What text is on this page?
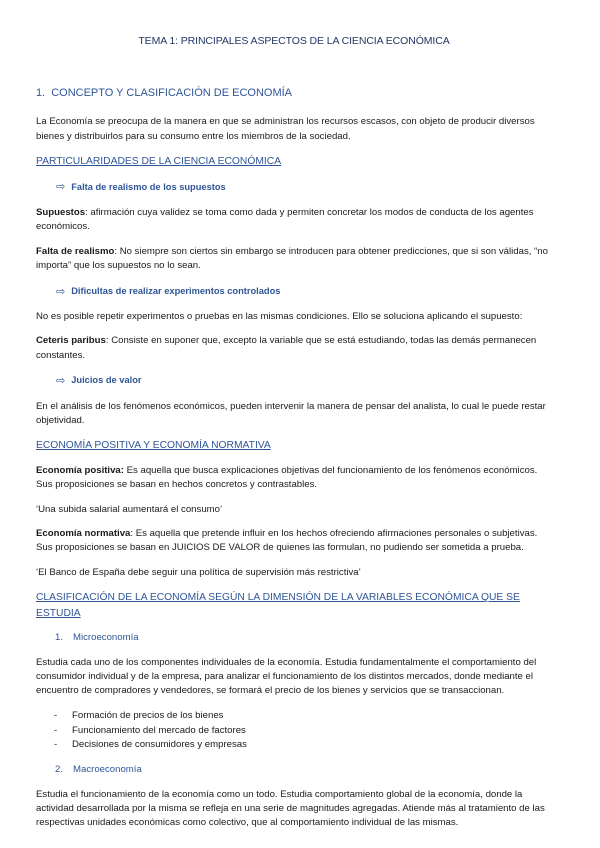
TEMA 1: PRINCIPALES ASPECTOS DE LA CIENCIA ECONÓMICA
1. CONCEPTO Y CLASIFICACIÓN DE ECONOMÍA

La Economía se preocupa de la manera en que se administran los recursos escasos, con objeto de producir diversos bienes y distribuirlos para su consumo entre los miembros de la sociedad.

PARTICULARIDADES DE LA CIENCIA ECONÓMICA
⇨ Falta de realismo de los supuestos

Supuestos: afirmación cuya validez se toma como dada y permiten concretar los modos de conducta de los agentes económicos.

Falta de realismo: No siempre son ciertos sin embargo se introducen para obtener predicciones, que si son válidas, “no importa” que los supuestos no lo sean.

⇨ Dificultas de realizar experimentos controlados

No es posible repetir experimentos o pruebas en las mismas condiciones. Ello se soluciona aplicando el supuesto:

Ceteris paribus: Consiste en suponer que, excepto la variable que se está estudiando, todas las demás permanecen constantes.

⇨ Juicios de valor

En el análisis de los fenómenos económicos, pueden intervenir la manera de pensar del analista, lo cual le puede restar objetividad.

ECONOMÍA POSITIVA Y ECONOMÍA NORMATIVA

Economía positiva: Es aquella que busca explicaciones objetivas del funcionamiento de los fenómenos económicos. Sus proposiciones se basan en hechos concretos y contrastables.

‘Una subida salarial aumentará el consumo’

Economía normativa: Es aquella que pretende influir en los hechos ofreciendo afirmaciones personales o subjetivas. Sus proposiciones se basan en JUICIOS DE VALOR de quienes las formulan, no pudiendo ser sometida a prueba.

‘El Banco de España debe seguir una política de supervisión más restrictiva’

CLASIFICACIÓN DE LA ECONOMÍA SEGÚN LA DIMENSIÓN DE LA VARIABLES ECONÓMICA QUE SE ESTUDIA
1. Microeconomía

Estudia cada uno de los componentes individuales de la economía. Estudia fundamentalmente el comportamiento del consumidor individual y de la empresa, para analizar el funcionamiento de los distintos mercados, donde mediante el encuentro de compradores y vendedores, se formará el precio de los bienes y servicios que se transaccionan.

-	Formación de precios de los bienes
-	Funcionamiento del mercado de factores
-	Decisiones de consumidores y empresas
2. Macroeconomía

Estudia el funcionamiento de la economía como un todo. Estudia comportamiento global de la economía, donde la actividad desarrollada por la misma se refleja en una serie de magnitudes agregadas. Atiende más al tratamiento de las respectivas unidades económicas como colectivo, que al comportamiento individual de las mismas.
